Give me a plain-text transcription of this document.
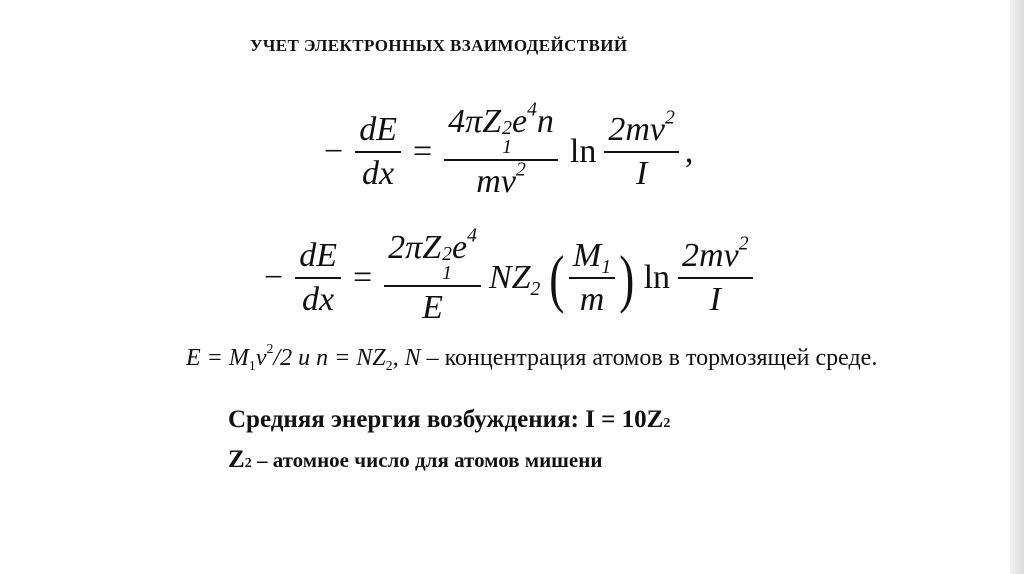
УЧЕТ ЭЛЕКТРОННЫХ ВЗАИМОДЕЙСТВИЙ
− $\frac{dE}{dx} = 4\pi Z$ 2
1
$e^4n$
$mv^2$ $\ln \frac{2mv^2}{I}$ ,
− $\frac{dE}{dx} = 2\pi Z$ 2
1
$e^4$
E $NZ_2$ ( $\frac{M_1}{m}$ ) $\ln \frac{2mv^2}{I}$
$E = M_1v^2/2$ и $n = NZ_2$, N – концентрация атомов в тормозящей среде.
Средняя энергия возбуждения: I = 10Z2
Z2 – атомное число для атомов мишени
